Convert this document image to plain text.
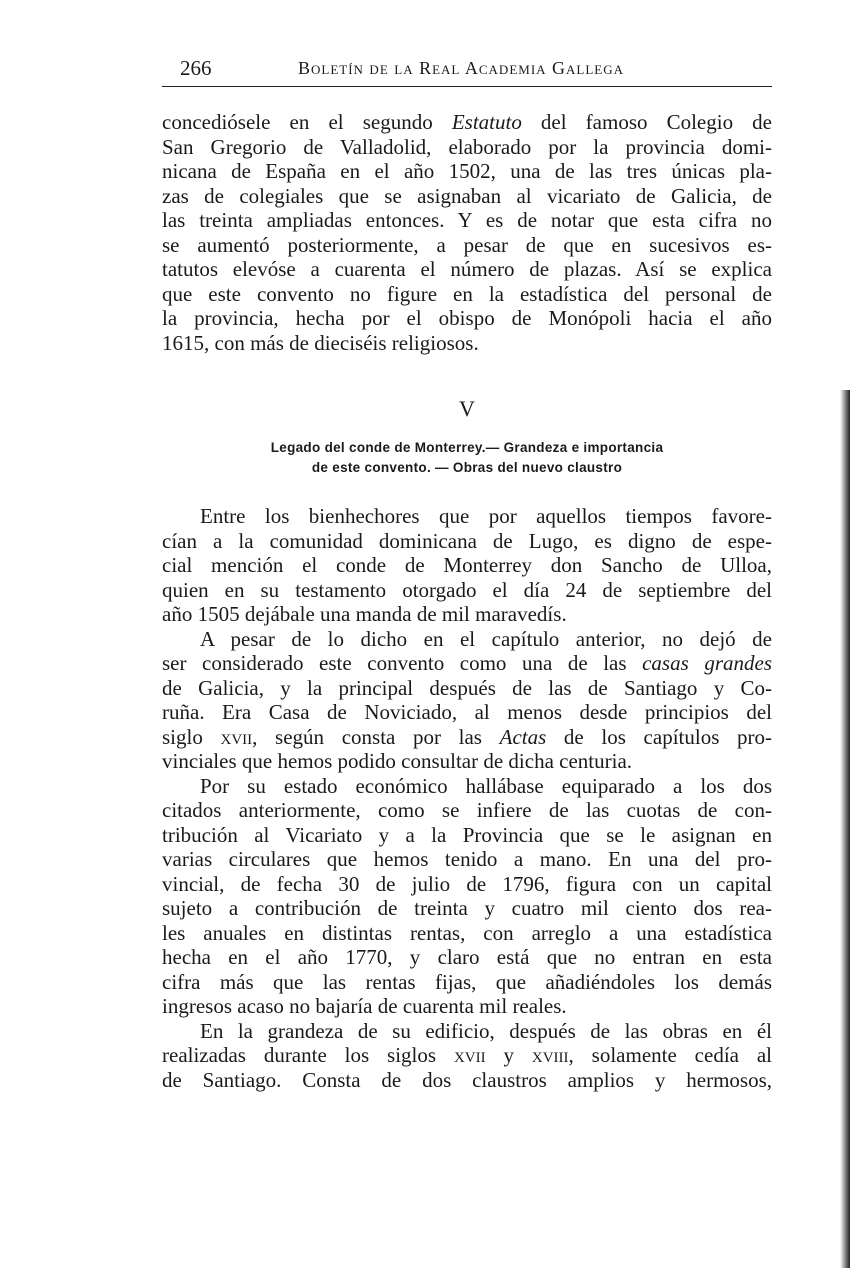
266	Boletín de la Real Academia Gallega
concediósele en el segundo Estatuto del famoso Colegio de
San Gregorio de Valladolid, elaborado por la provincia domi-
nicana de España en el año 1502, una de las tres únicas pla-
zas de colegiales que se asignaban al vicariato de Galicia, de
las treinta ampliadas entonces. Y es de notar que esta cifra no
se aumentó posteriormente, a pesar de que en sucesivos es-
tatutos elevóse a cuarenta el número de plazas. Así se explica
que este convento no figure en la estadística del personal de
la provincia, hecha por el obispo de Monópoli hacia el año
1615, con más de dieciséis religiosos.
V
Legado del conde de Monterrey.— Grandeza e importancia
de este convento. — Obras del nuevo claustro
Entre los bienhechores que por aquellos tiempos favore-
cían a la comunidad dominicana de Lugo, es digno de espe-
cial mención el conde de Monterrey don Sancho de Ulloa,
quien en su testamento otorgado el día 24 de septiembre del
año 1505 dejábale una manda de mil maravedís.
A pesar de lo dicho en el capítulo anterior, no dejó de
ser considerado este convento como una de las casas grandes
de Galicia, y la principal después de las de Santiago y Co-
ruña. Era Casa de Noviciado, al menos desde principios del
siglo xvii, según consta por las Actas de los capítulos pro-
vinciales que hemos podido consultar de dicha centuria.
Por su estado económico hallábase equiparado a los dos
citados anteriormente, como se infiere de las cuotas de con-
tribución al Vicariato y a la Provincia que se le asignan en
varias circulares que hemos tenido a mano. En una del pro-
vincial, de fecha 30 de julio de 1796, figura con un capital
sujeto a contribución de treinta y cuatro mil ciento dos rea-
les anuales en distintas rentas, con arreglo a una estadística
hecha en el año 1770, y claro está que no entran en esta
cifra más que las rentas fijas, que añadiéndoles los demás
ingresos acaso no bajaría de cuarenta mil reales.
En la grandeza de su edificio, después de las obras en él
realizadas durante los siglos xvii y xviii, solamente cedía al
de Santiago. Consta de dos claustros amplios y hermosos,
